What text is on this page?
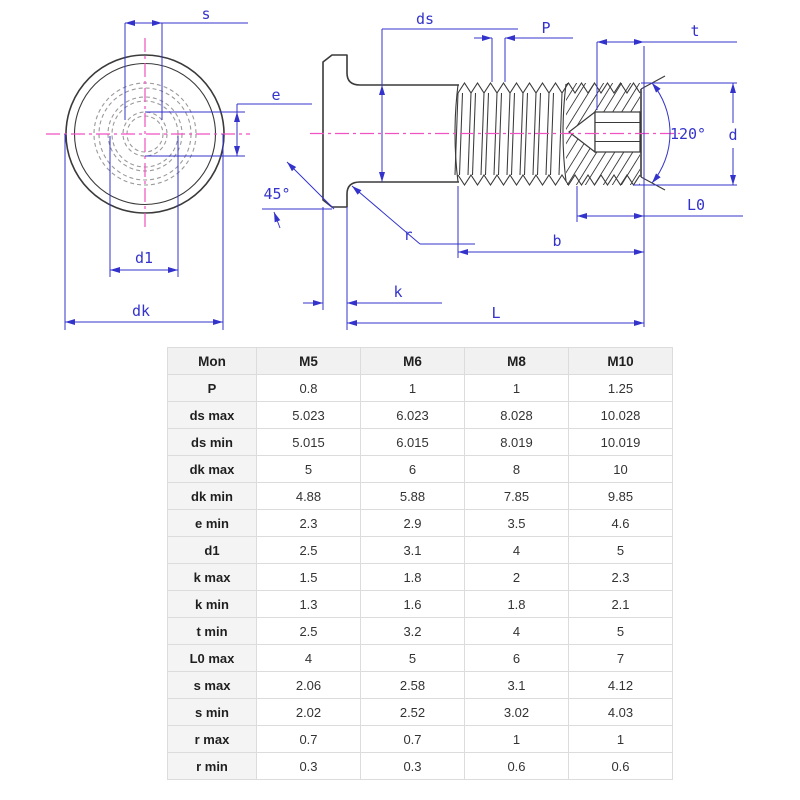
s
e
d1
dk
ds	P	t
d
120°
L0
b
k
L
45°
r
Mon	M5	M6	M8	M10
P	0.8	1	1	1.25
ds max	5.023	6.023	8.028	10.028
ds min	5.015	6.015	8.019	10.019
dk max	5	6	8	10
dk min	4.88	5.88	7.85	9.85
e min	2.3	2.9	3.5	4.6
d1	2.5	3.1	4	5
k max	1.5	1.8	2	2.3
k min	1.3	1.6	1.8	2.1
t min	2.5	3.2	4	5
L0 max	4	5	6	7
s max	2.06	2.58	3.1	4.12
s min	2.02	2.52	3.02	4.03
r max	0.7	0.7	1	1
r min	0.3	0.3	0.6	0.6
